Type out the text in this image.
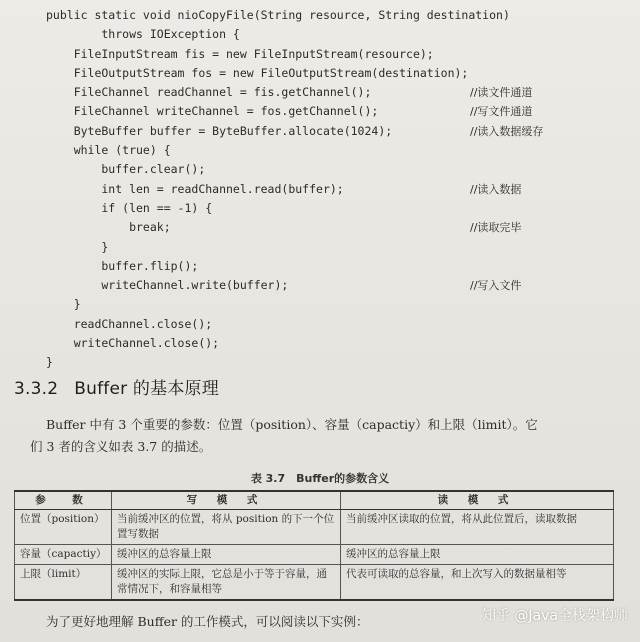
public static void nioCopyFile(String resource, String destination)
throws IOException {
FileInputStream fis = new FileInputStream(resource);
FileOutputStream fos = new FileOutputStream(destination);
FileChannel readChannel = fis.getChannel();	//读文件通道
FileChannel writeChannel = fos.getChannel();	//写文件通道
ByteBuffer buffer = ByteBuffer.allocate(1024);	//读入数据缓存
while (true) {
buffer.clear();
int len = readChannel.read(buffer);	//读入数据
if (len == -1) {
break;	//读取完毕
}
buffer.flip();
writeChannel.write(buffer);	//写入文件
}
readChannel.close();
writeChannel.close();
}
3.3.2 Buffer 的基本原理
Buffer 中有 3 个重要的参数：位置（position）、容量（capactiy）和上限（limit）。它
们 3 者的含义如表 3.7 的描述。
表 3.7　Buffer的参数含义
参　数	写 模 式	读 模 式
位置（position）	当前缓冲区的位置，将从 position 的下一个位置写数据	当前缓冲区读取的位置，将从此位置后，读取数据
容量（capactiy）	缓冲区的总容量上限	缓冲区的总容量上限
上限（limit）	缓冲区的实际上限，它总是小于等于容量，通常情况下，和容量相等	代表可读取的总容量，和上次写入的数据量相等
为了更好地理解 Buffer 的工作模式，可以阅读以下实例：	知乎 @Java全栈架构师
